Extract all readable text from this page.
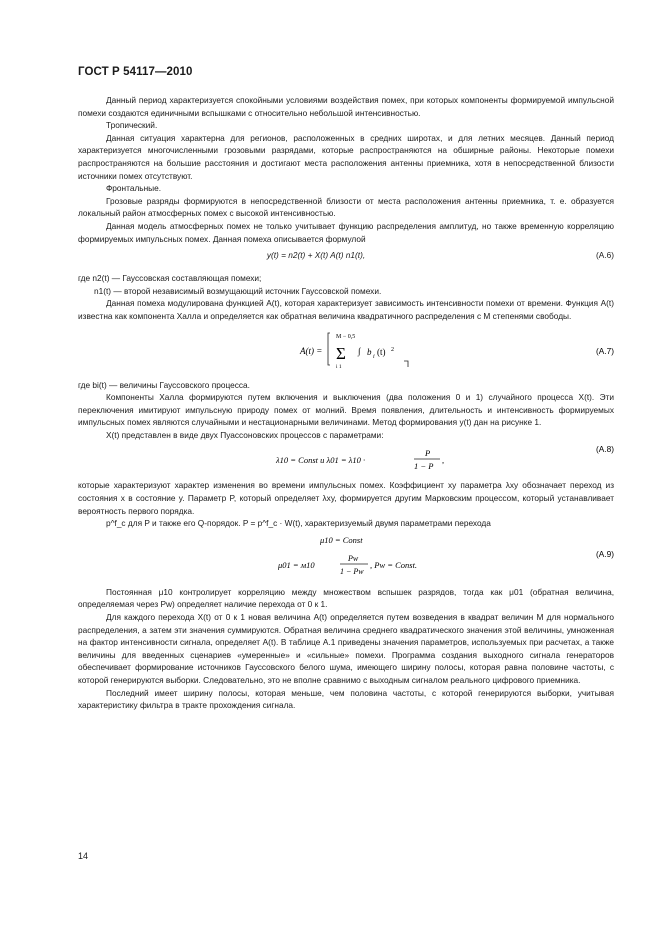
ГОСТ Р 54117—2010

Данный период характеризуется спокойными условиями воздействия помех, при которых компоненты формируемой импульсной помехи создаются единичными вспышками с относительно небольшой интенсивностью.

Тропический.

Данная ситуация характерна для регионов, расположенных в средних широтах, и для летних месяцев. Данный период характеризуется многочисленными грозовыми разрядами, которые распространяются на обширные районы. Некоторые помехи распространяются на большие расстояния и достигают места расположения антенны приемника, хотя в непосредственной близости источники помех отсутствуют.

Фронтальные.

Грозовые разряды формируются в непосредственной близости от места расположения антенны приемника, т. е. образуется локальный район атмосферных помех с высокой интенсивностью.

Данная модель атмосферных помех не только учитывает функцию распределения амплитуд, но также временную корреляцию формируемых импульсных помех. Данная помеха описывается формулой

y(t) = n2(t) + X(t) A(t) n1(t),	(А.6)

где n2(t) — Гауссовская составляющая помехи;

n1(t) — второй независимый возмущающий источник Гауссовской помехи.

Данная помеха модулирована функцией A(t), которая характеризует зависимость интенсивности помехи от времени. Функция A(t) известна как компонента Халла и определяется как обратная величина квадратичного распределения с M степенями свободы.

A(t) =
M − 0,5
Σ
i 1
∫ b i (t) 2	(А.7)

где bi(t) — величины Гауссовского процесса.

Компоненты Халла формируются путем включения и выключения (два положения 0 и 1) случайного процесса X(t). Эти переключения имитируют импульсную природу помех от молний. Время появления, длительность и интенсивность формируемых импульсных помех являются случайными и нестационарными величинами. Метод формирования y(t) дан на рисунке 1.

X(t) представлен в виде двух Пуассоновских процессов с параметрами:

λ10 = Const и λ01 = λ10 ·
P
1 − P
,
(А.8)

которые характеризуют характер изменения во времени импульсных помех. Коэффициент xy параметра λxy обозначает переход из состояния x в состояние y. Параметр P, который определяет λxy, формируется другим Марковским процессом, который устанавливает вероятность первого порядка.

p^f_c для P и также его Q-порядок. P = p^f_c · W(t), характеризуемый двумя параметрами перехода

μ10 = Const
μ01 = м10
Pw
1 − Pw
, Pw = Const.
(А.9)

Постоянная μ10 контролирует корреляцию между множеством вспышек разрядов, тогда как μ01 (обратная величина, определяемая через Pw) определяет наличие перехода от 0 к 1.

Для каждого перехода X(t) от 0 к 1 новая величина A(t) определяется путем возведения в квадрат величин M для нормального распределения, а затем эти значения суммируются. Обратная величина среднего квадратического значения этой величины, умноженная на фактор интенсивности сигнала, определяет A(t). В таблице А.1 приведены значения параметров, используемых при расчетах, а также величины для введенных сценариев «умеренные» и «сильные» помехи. Программа создания выходного сигнала генераторов обеспечивает формирование источников Гауссовского белого шума, имеющего ширину полосы, которая равна половине частоты, с которой генерируются выборки. Следовательно, это не вполне сравнимо с выходным сигналом реального цифрового приемника.

Последний имеет ширину полосы, которая меньше, чем половина частоты, с которой генерируются выборки, учитывая характеристику фильтра в тракте прохождения сигнала.

14
